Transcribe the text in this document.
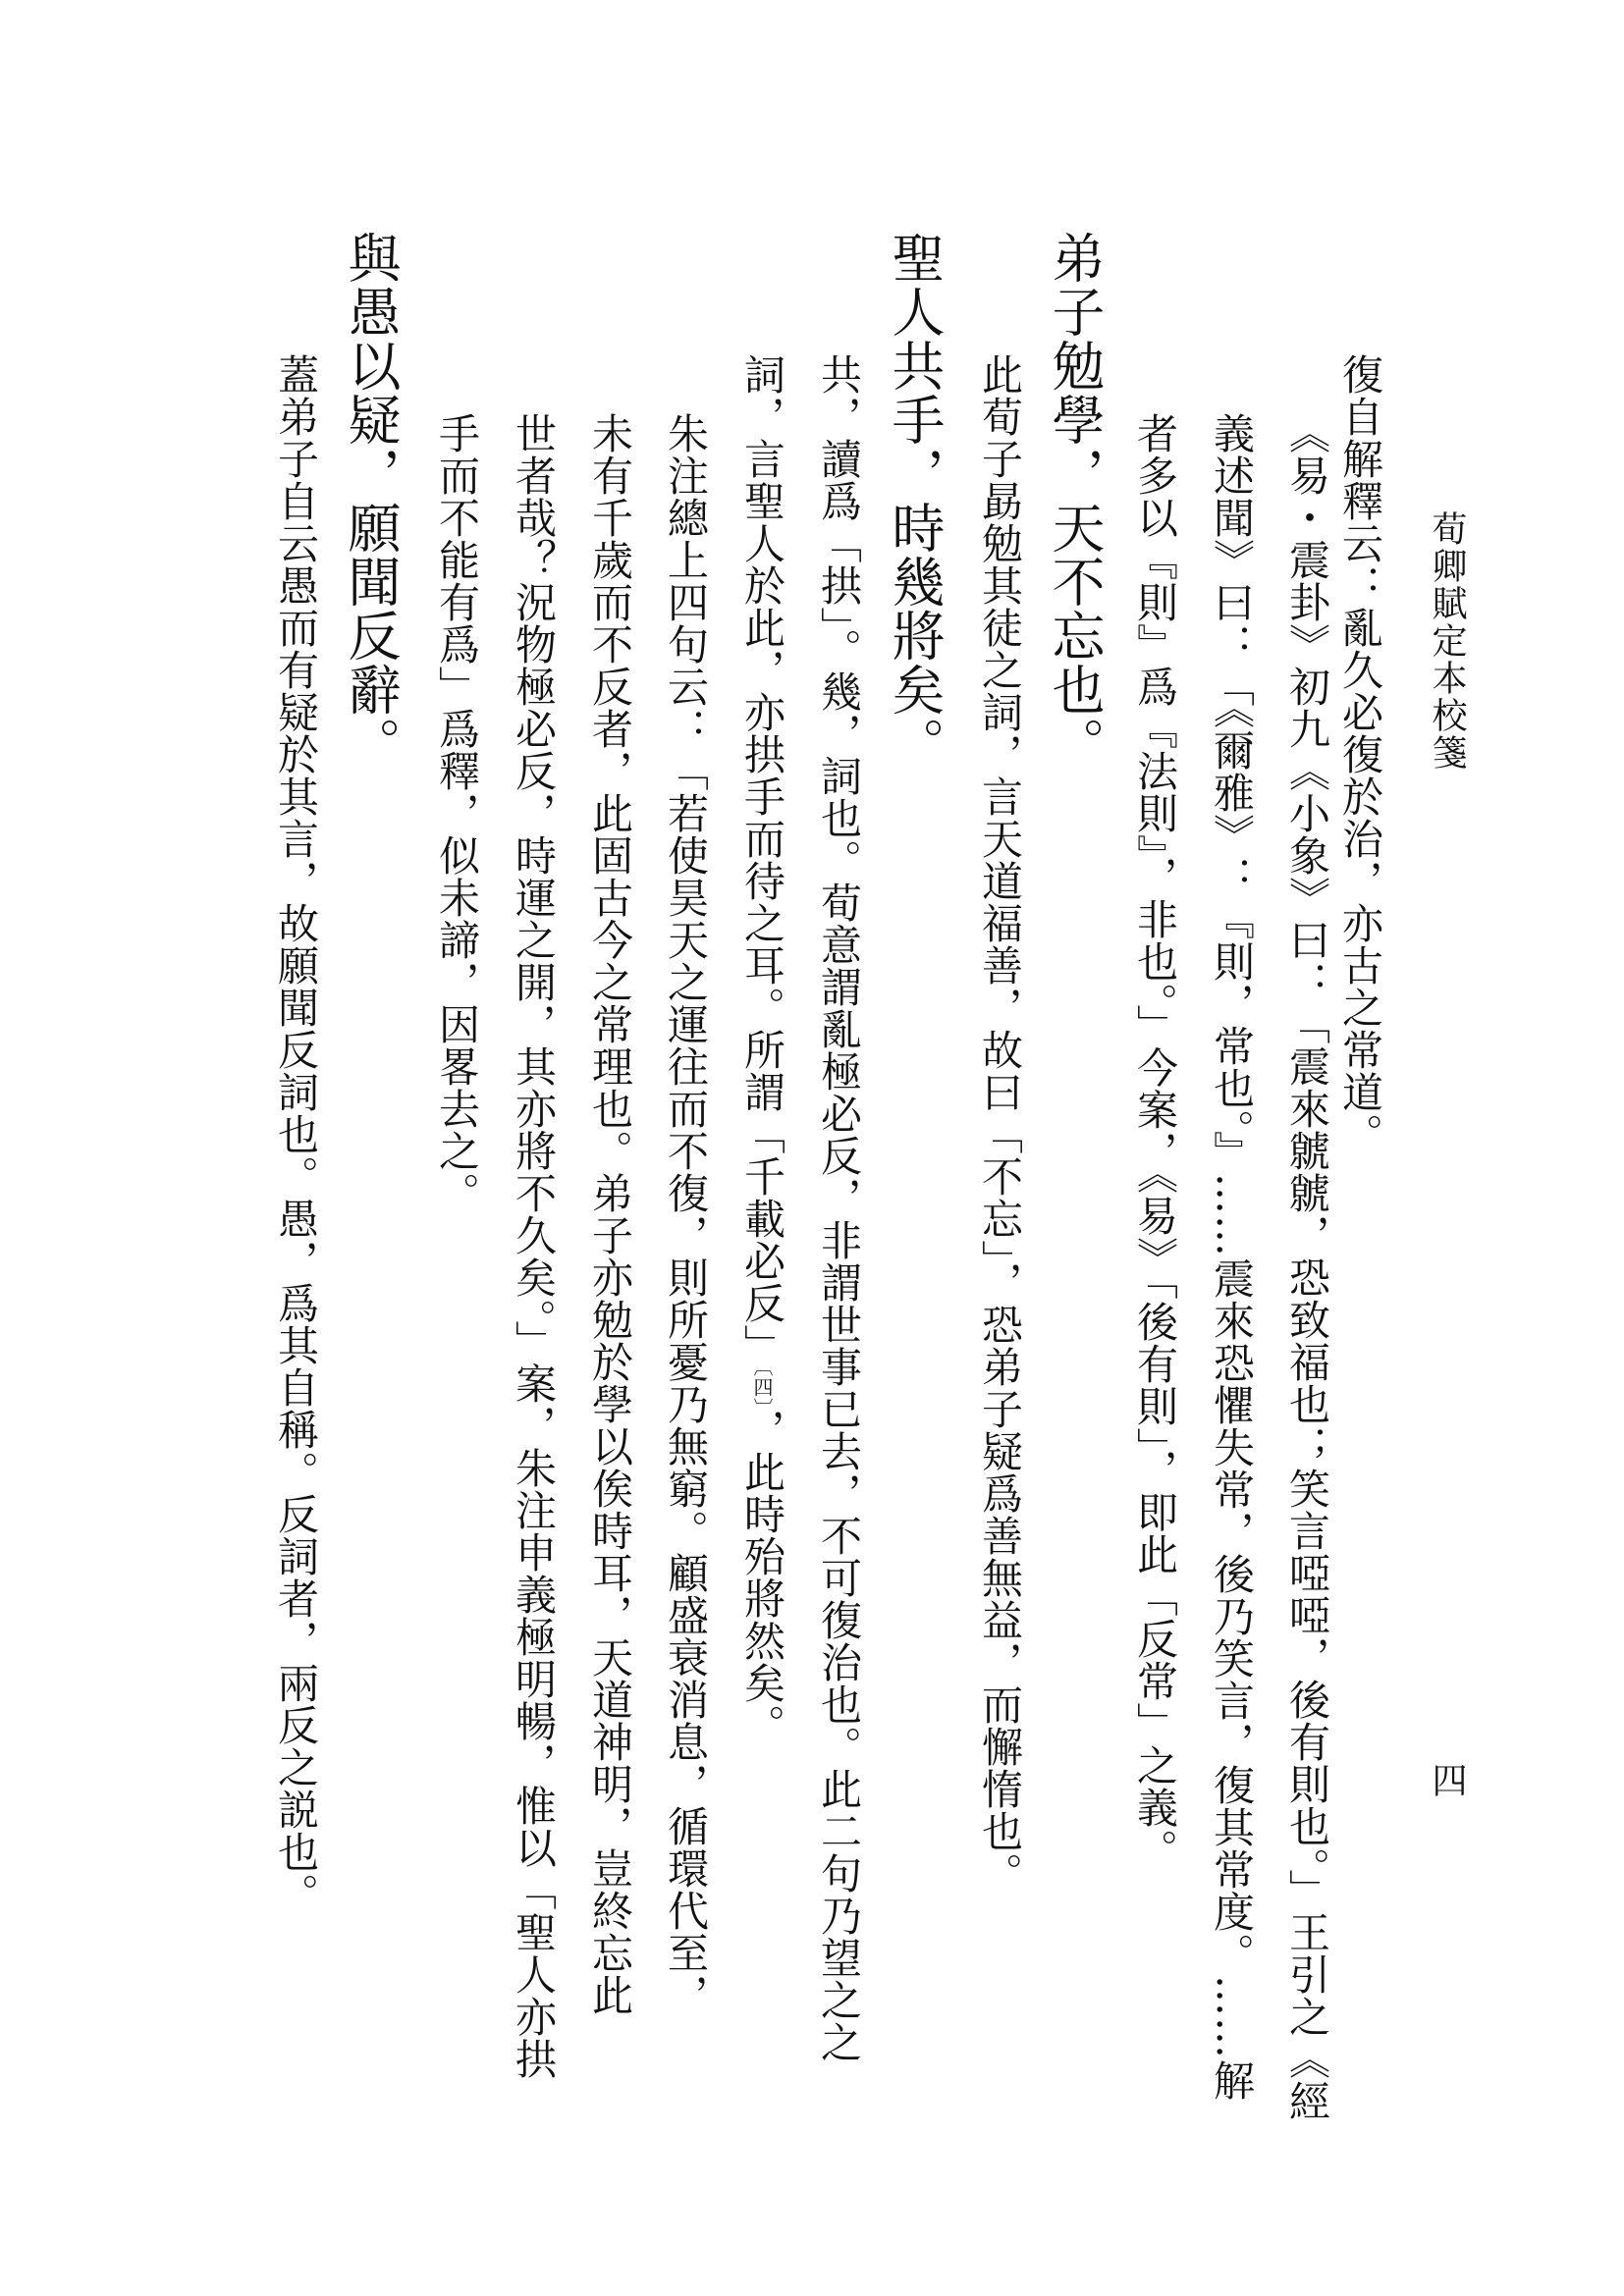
荀卿賦定本校箋
四
復自解釋云：亂久必復於治，亦古之常道。
《易・震卦》初九《小象》曰：「震來虩虩，恐致福也；笑言啞啞，後有則也。」王引之《經
義述聞》曰：「《爾雅》：『則，常也。』……震來恐懼失常，後乃笑言，復其常度。……解
者多以『則』爲『法則』，非也。」今案，《易》「後有則」，即此「反常」之義。
弟子勉學，天不忘也。
此荀子勗勉其徒之詞，言天道福善，故曰「不忘」，恐弟子疑爲善無益，而懈惰也。
聖人共手，時幾將矣。
共，讀爲「拱」。幾，詞也。荀意謂亂極必反，非謂世事已去，不可復治也。此二句乃望之之
詞，言聖人於此，亦拱手而待之耳。所謂「千載必反」〔四〕，此時殆將然矣。
朱注總上四句云：「若使昊天之運往而不復，則所憂乃無窮。顧盛衰消息，循環代至，
未有千歲而不反者，此固古今之常理也。弟子亦勉於學以俟時耳，天道神明，豈終忘此
世者哉？況物極必反，時運之開，其亦將不久矣。」案，朱注申義極明暢，惟以「聖人亦拱
手而不能有爲」爲釋，似未諦，因畧去之。
與愚以疑，願聞反辭。
蓋弟子自云愚而有疑於其言，故願聞反詞也。愚，爲其自稱。反詞者，兩反之説也。
